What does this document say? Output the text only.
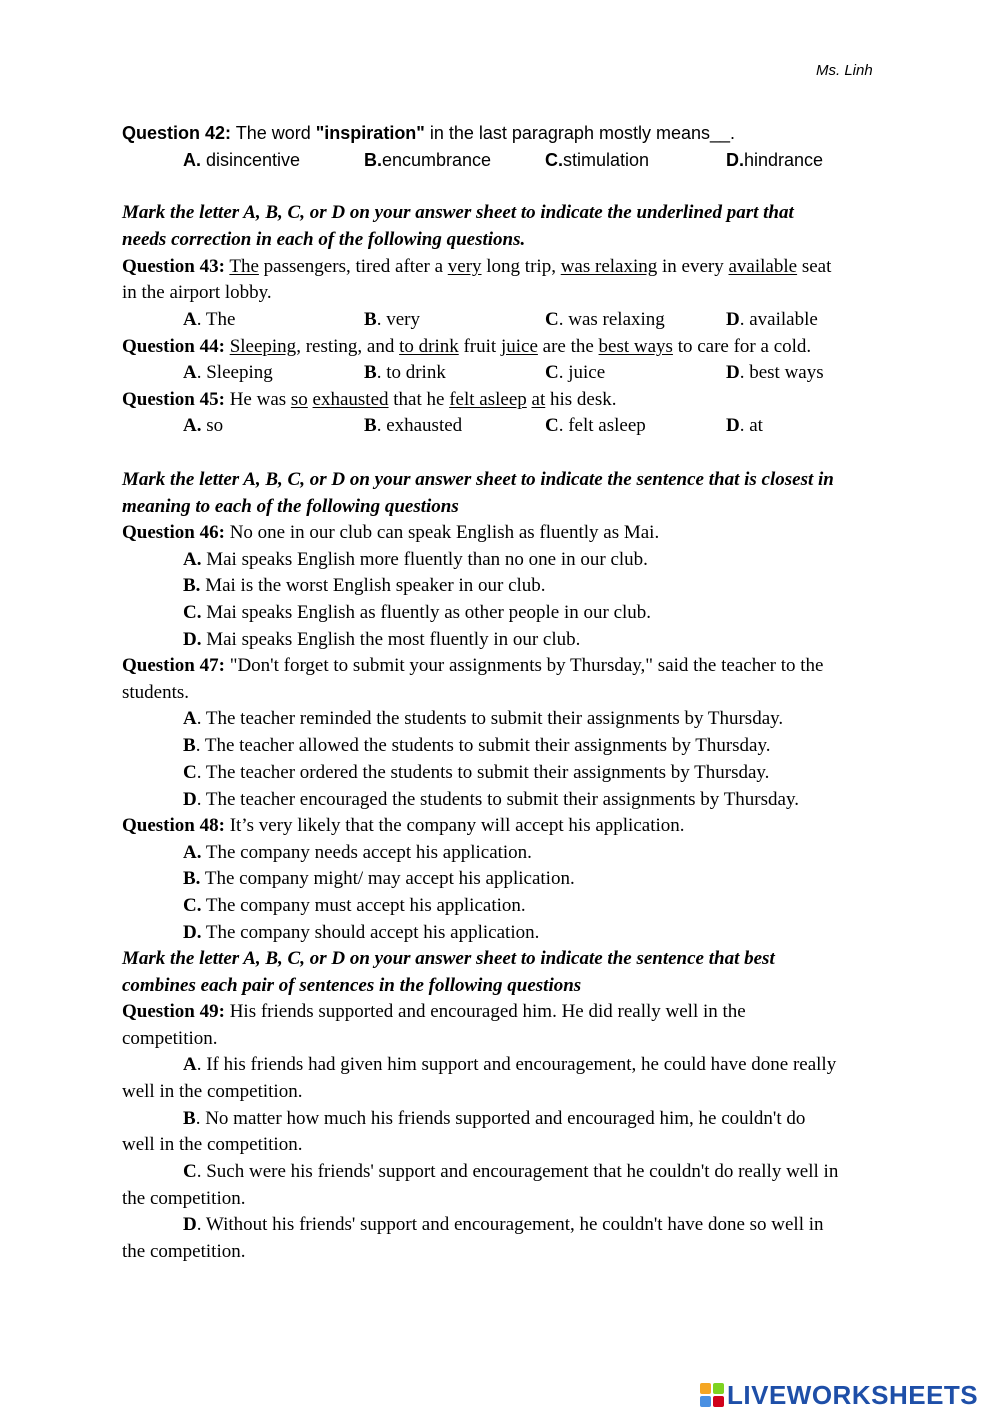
Ms. Linh
Question 42: The word "inspiration" in the last paragraph mostly means__.
A. disincentive	B.encumbrance	C.stimulation	D.hindrance
Mark the letter A, B, C, or D on your answer sheet to indicate the underlined part that
needs correction in each of the following questions.
Question 43: The passengers, tired after a very long trip, was relaxing in every available seat
in the airport lobby.
A. The	B. very	C. was relaxing	D. available
Question 44: Sleeping, resting, and to drink fruit juice are the best ways to care for a cold.
A. Sleeping	B. to drink	C. juice	D. best ways
Question 45: He was so exhausted that he felt asleep at his desk.
A. so	B. exhausted	C. felt asleep	D. at
Mark the letter A, B, C, or D on your answer sheet to indicate the sentence that is closest in
meaning to each of the following questions
Question 46: No one in our club can speak English as fluently as Mai.
A. Mai speaks English more fluently than no one in our club.
B. Mai is the worst English speaker in our club.
C. Mai speaks English as fluently as other people in our club.
D. Mai speaks English the most fluently in our club.
Question 47: "Don't forget to submit your assignments by Thursday," said the teacher to the
students.
A. The teacher reminded the students to submit their assignments by Thursday.
B. The teacher allowed the students to submit their assignments by Thursday.
C. The teacher ordered the students to submit their assignments by Thursday.
D. The teacher encouraged the students to submit their assignments by Thursday.
Question 48: It’s very likely that the company will accept his application.
A. The company needs accept his application.
B. The company might/ may accept his application.
C. The company must accept his application.
D. The company should accept his application.
Mark the letter A, B, C, or D on your answer sheet to indicate the sentence that best
combines each pair of sentences in the following questions
Question 49: His friends supported and encouraged him. He did really well in the
competition.
A. If his friends had given him support and encouragement, he could have done really
well in the competition.
B. No matter how much his friends supported and encouraged him, he couldn't do
well in the competition.
C. Such were his friends' support and encouragement that he couldn't do really well in
the competition.
D. Without his friends' support and encouragement, he couldn't have done so well in
the competition.
LIVEWORKSHEETS
